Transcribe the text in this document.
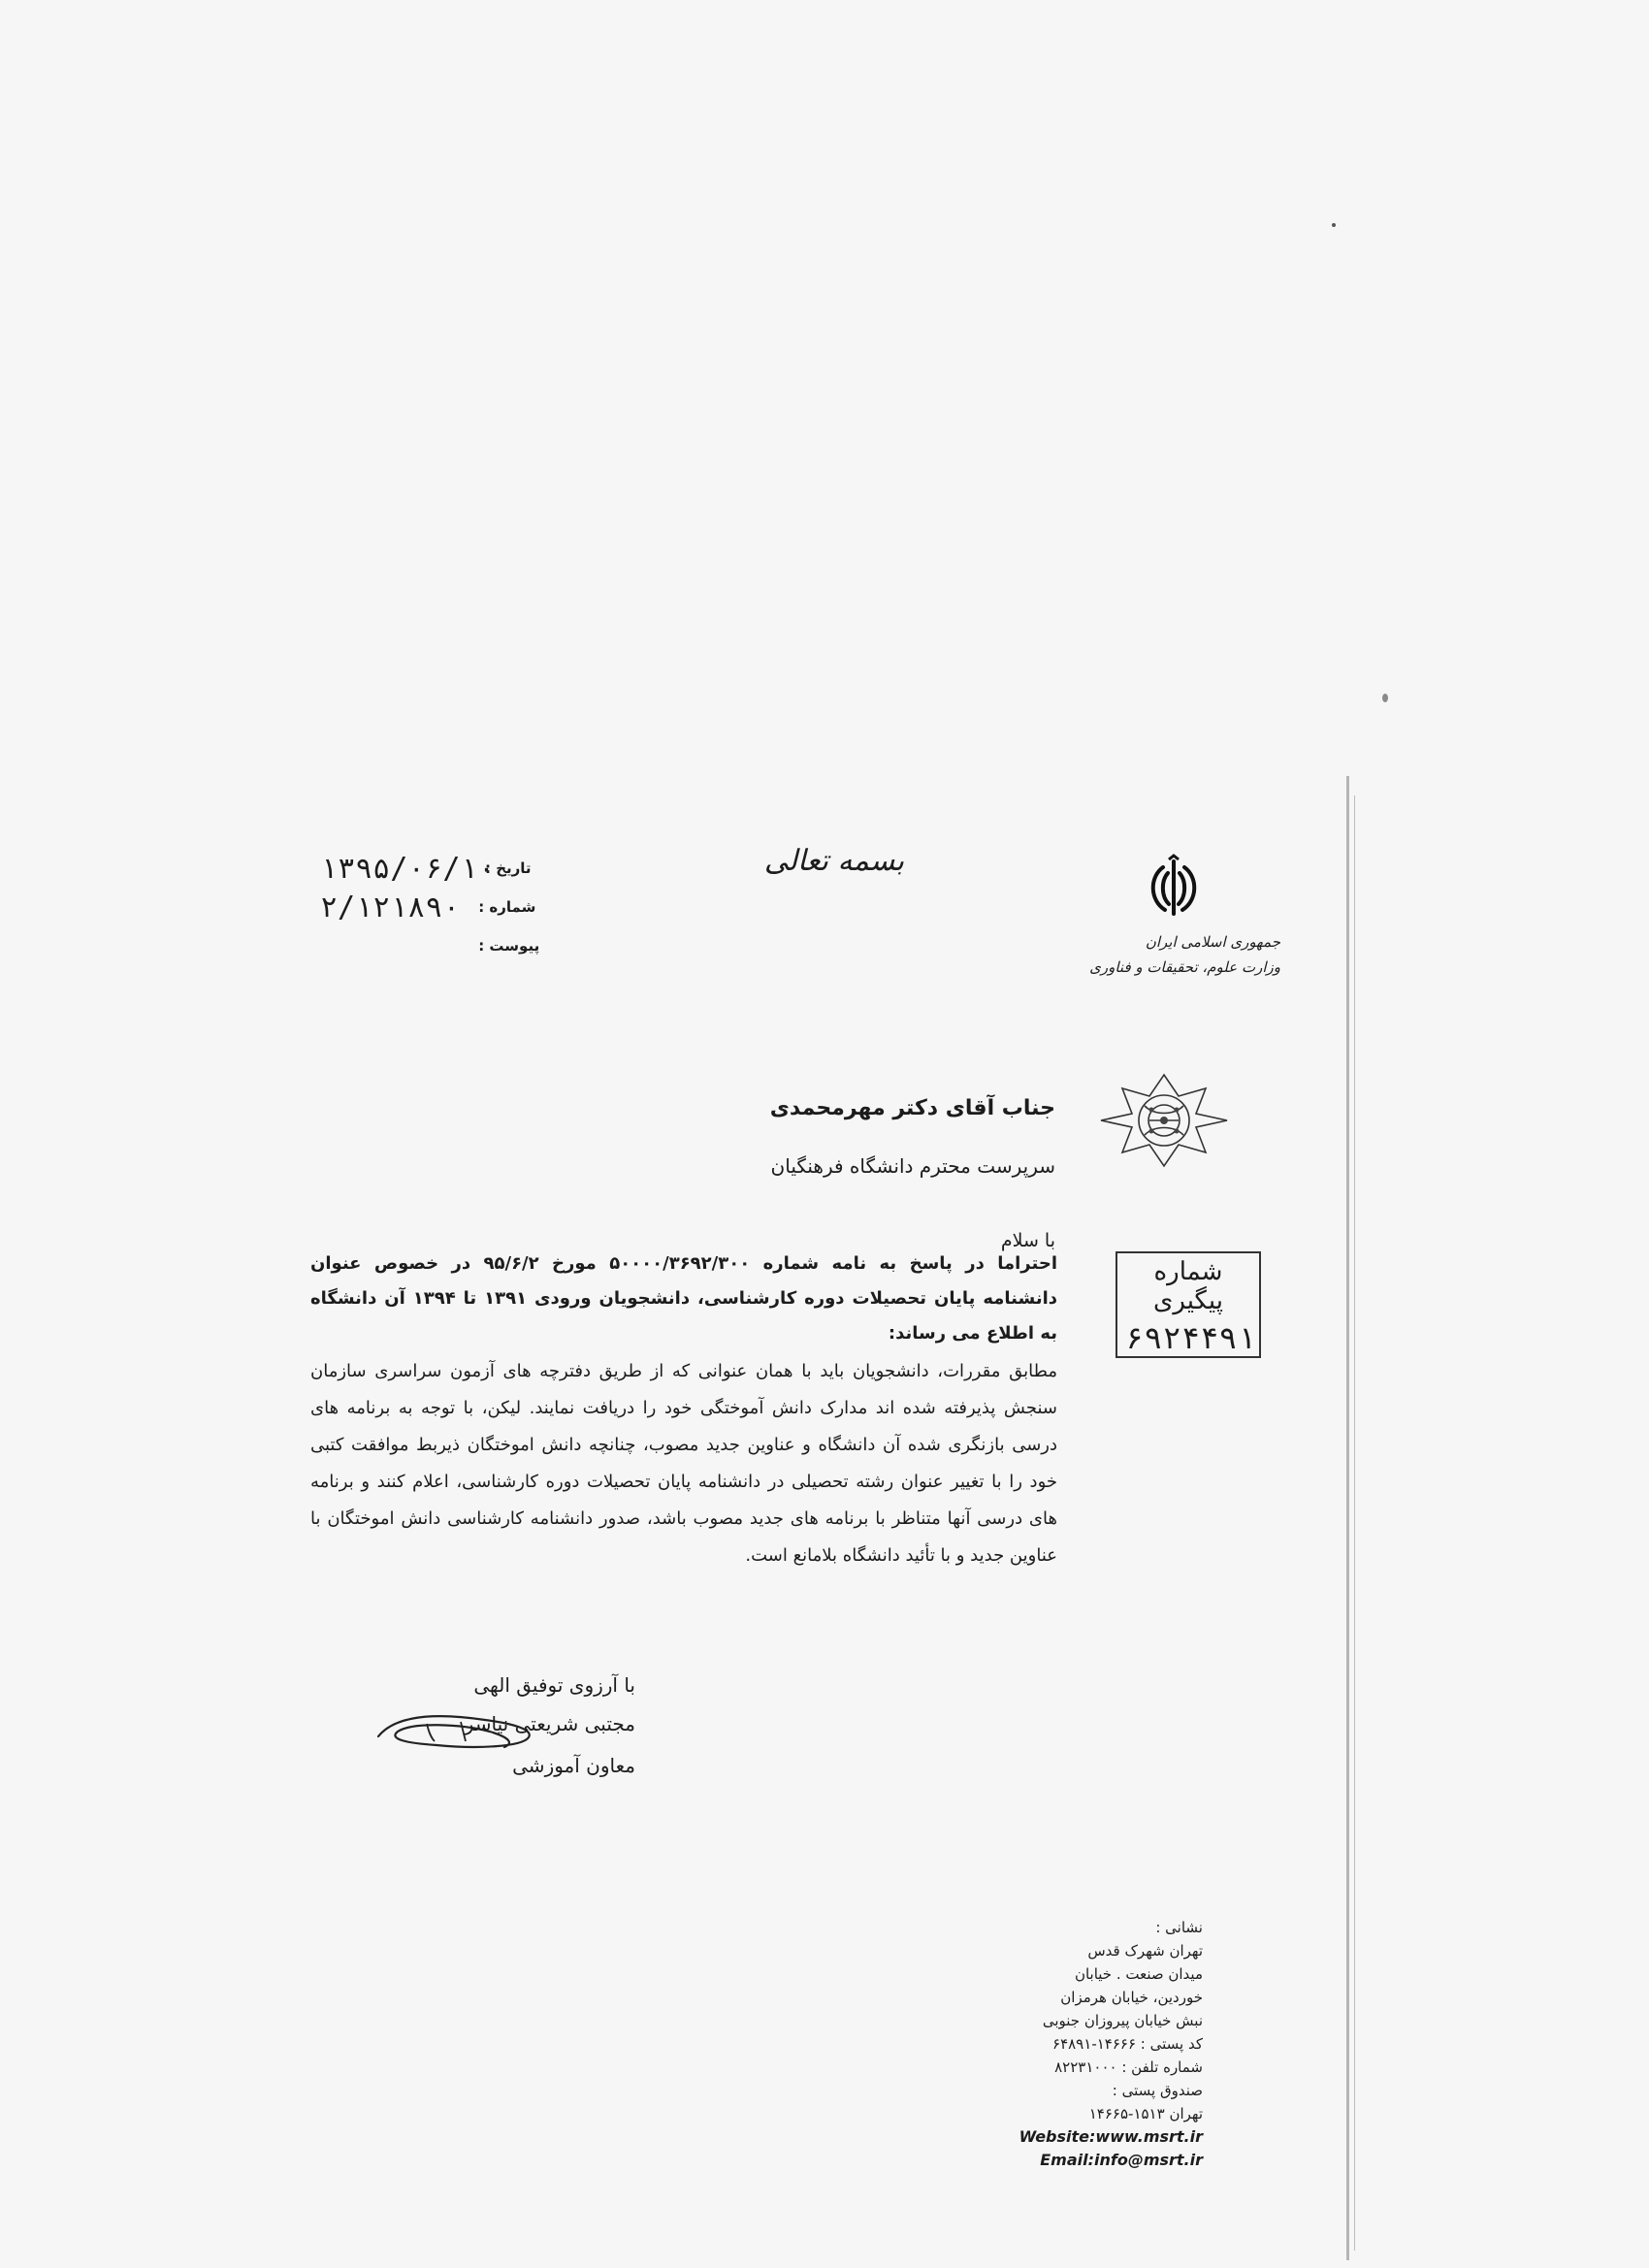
بسمه تعالی
۱۳۹۵/۰۶/۱۰
تاریخ :
۲/۱۲۱۸۹۰	شماره :
پیوست :	جمهوری اسلامی ایران
وزارت علوم، تحقیقات و فناوری
شماره پیگیری
۶۹۲۴۴۹۱
جناب آقای دکتر مهرمحمدی
سرپرست محترم دانشگاه فرهنگیان
با سلام
احتراما در پاسخ به نامه شماره ۵۰۰۰۰/۳۶۹۲/۳۰۰ مورخ ۹۵/۶/۲ در خصوص عنوان دانشنامه پایان تحصیلات دوره کارشناسی، دانشجویان ورودی ۱۳۹۱ تا ۱۳۹۴ آن دانشگاه به اطلاع می رساند:
مطابق مقررات، دانشجویان باید با همان عنوانی که از طریق دفترچه های آزمون سراسری سازمان سنجش پذیرفته شده اند مدارک دانش آموختگی خود را دریافت نمایند. لیکن، با توجه به برنامه های درسی بازنگری شده آن دانشگاه و عناوین جدید مصوب، چنانچه دانش اموختگان ذیربط موافقت کتبی خود را با تغییر عنوان رشته تحصیلی در دانشنامه پایان تحصیلات دوره کارشناسی، اعلام کنند و برنامه های درسی آنها متناظر با برنامه های جدید مصوب باشد، صدور دانشنامه کارشناسی دانش اموختگان با عناوین جدید و با تأئید دانشگاه بلامانع است.
با آرزوی توفیق الهی
مجتبی شریعتی نیاسر
معاون آموزشی
نشانی :
تهران شهرک قدس
میدان صنعت . خیابان
خوردین، خیابان هرمزان
نبش خیابان پیروزان جنوبی
کد پستی : ۱۴۶۶۶-۶۴۸۹۱
شماره تلفن : ۸۲۲۳۱۰۰۰
صندوق پستی :
تهران ۱۵۱۳-۱۴۶۶۵
Website:www.msrt.ir
Email:info@msrt.ir
